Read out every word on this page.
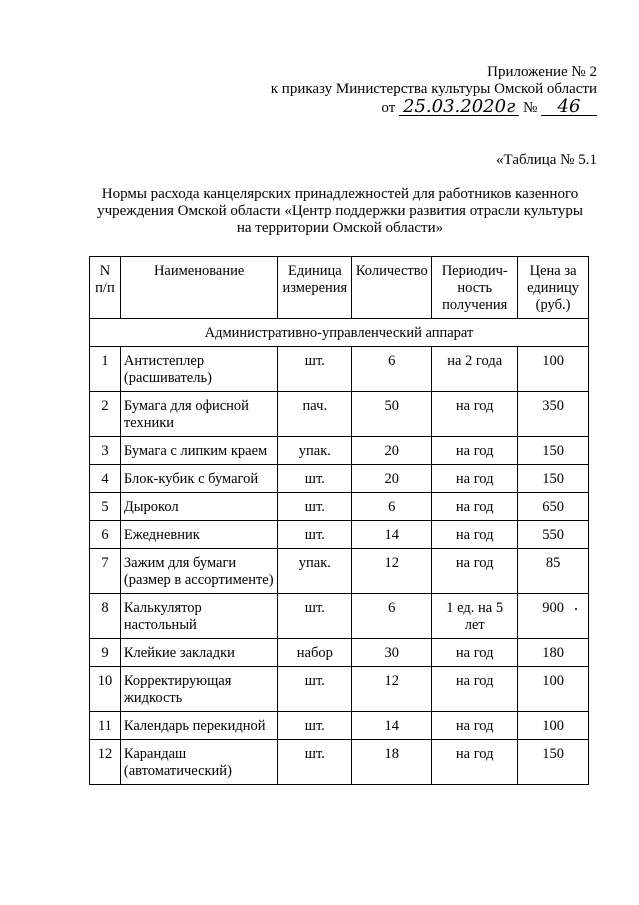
Приложение № 2
к приказу Министерства культуры Омской области
от 25.03.2020г № 46
«Таблица № 5.1
Нормы расхода канцелярских принадлежностей для работников казенного учреждения Омской области «Центр поддержки развития отрасли культуры на территории Омской области»
N п/п	Наименование	Единица измерения	Количество	Периодич-ность получения	Цена за единицу (руб.)
Административно-управленческий аппарат					
1	Антистеплер (расшиватель)	шт.	6	на 2 года	100
2	Бумага для офисной техники	пач.	50	на год	350
3	Бумага с липким краем	упак.	20	на год	150
4	Блок-кубик с бумагой	шт.	20	на год	150
5	Дырокол	шт.	6	на год	650
6	Ежедневник	шт.	14	на год	550
7	Зажим для бумаги (размер в ассортименте)	упак.	12	на год	85
8	Калькулятор настольный	шт.	6	1 ед. на 5 лет	900
9	Клейкие закладки	набор	30	на год	180
10	Корректирующая жидкость	шт.	12	на год	100
11	Календарь перекидной	шт.	14	на год	100
12	Карандаш (автоматический)	шт.	18	на год	150
